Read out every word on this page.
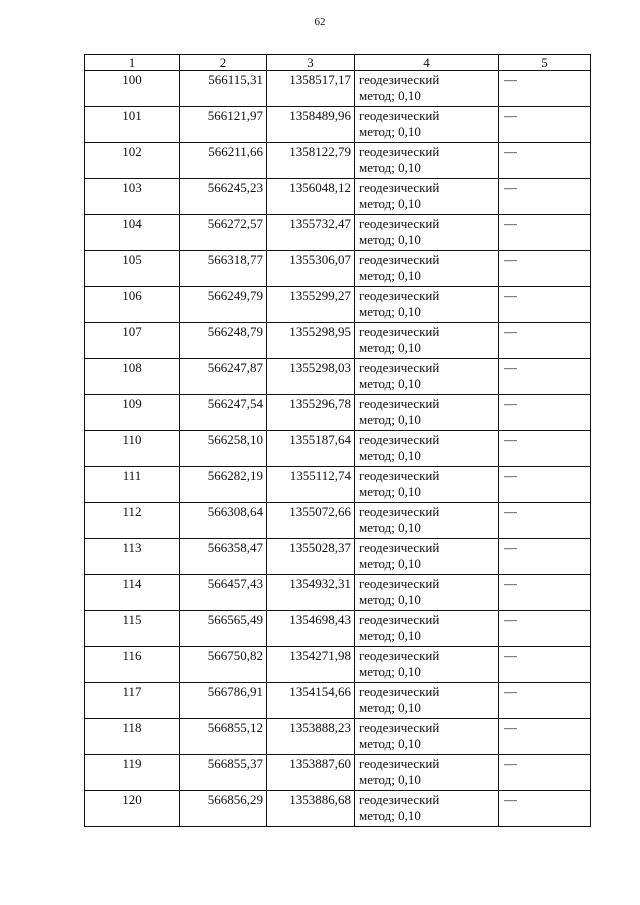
62
1	2	3	4	5
100	566115,31	1358517,17	геодезический
метод; 0,10	—
101	566121,97	1358489,96	геодезический
метод; 0,10	—
102	566211,66	1358122,79	геодезический
метод; 0,10	—
103	566245,23	1356048,12	геодезический
метод; 0,10	—
104	566272,57	1355732,47	геодезический
метод; 0,10	—
105	566318,77	1355306,07	геодезический
метод; 0,10	—
106	566249,79	1355299,27	геодезический
метод; 0,10	—
107	566248,79	1355298,95	геодезический
метод; 0,10	—
108	566247,87	1355298,03	геодезический
метод; 0,10	—
109	566247,54	1355296,78	геодезический
метод; 0,10	—
110	566258,10	1355187,64	геодезический
метод; 0,10	—
111	566282,19	1355112,74	геодезический
метод; 0,10	—
112	566308,64	1355072,66	геодезический
метод; 0,10	—
113	566358,47	1355028,37	геодезический
метод; 0,10	—
114	566457,43	1354932,31	геодезический
метод; 0,10	—
115	566565,49	1354698,43	геодезический
метод; 0,10	—
116	566750,82	1354271,98	геодезический
метод; 0,10	—
117	566786,91	1354154,66	геодезический
метод; 0,10	—
118	566855,12	1353888,23	геодезический
метод; 0,10	—
119	566855,37	1353887,60	геодезический
метод; 0,10	—
120	566856,29	1353886,68	геодезический
метод; 0,10	—
